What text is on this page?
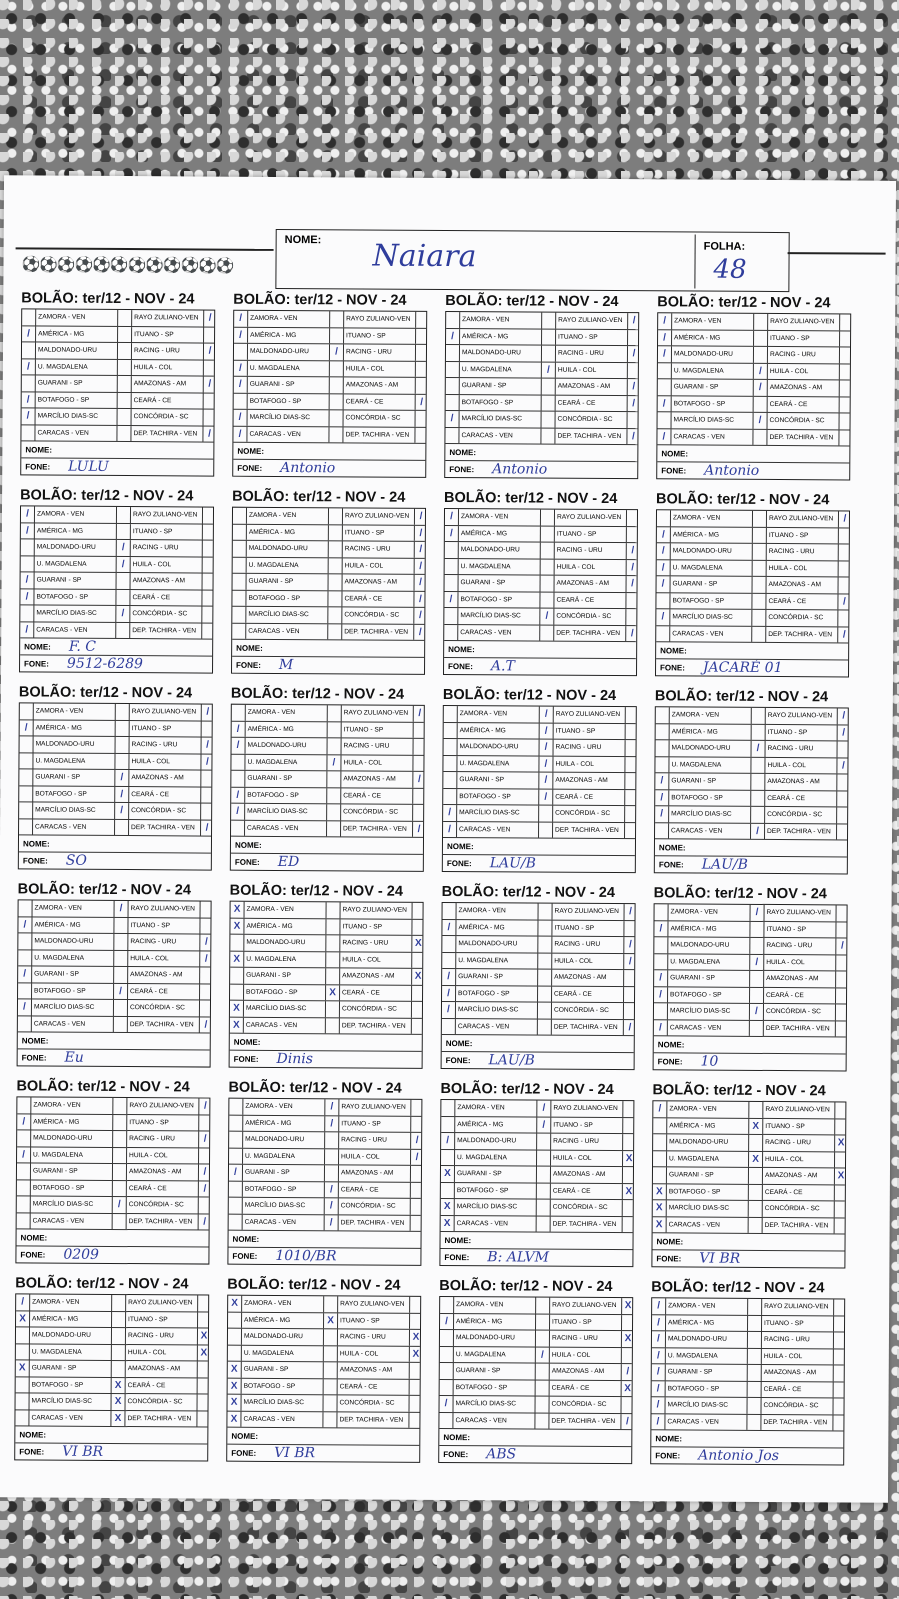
⚽⚽⚽⚽⚽⚽⚽⚽⚽⚽⚽⚽
NOME: Naiara	FOLHA:
48
BOLÃO: ter/12 - NOV - 24
ZAMORA - VEN	RAYO ZULIANO-VEN	/
/	AMÉRICA - MG	ITUANO - SP
MALDONADO-URU	RACING - URU	/
/	U. MAGDALENA	HUILA - COL
GUARANI - SP	AMAZONAS - AM	/
/	BOTAFOGO - SP	CEARÁ - CE
/	MARCÍLIO DIAS-SC	CONCÓRDIA - SC
CARACAS - VEN	DEP. TACHIRA - VEN	/
NOME:
FONE: LULU
BOLÃO: ter/12 - NOV - 24
/	ZAMORA - VEN	RAYO ZULIANO-VEN
/	AMÉRICA - MG	ITUANO - SP
MALDONADO-URU	/	RACING - URU
/	U. MAGDALENA	HUILA - COL
/	GUARANI - SP	AMAZONAS - AM
BOTAFOGO - SP	CEARÁ - CE	/
/	MARCÍLIO DIAS-SC	CONCÓRDIA - SC
/	CARACAS - VEN	DEP. TACHIRA - VEN
NOME:
FONE: Antonio
BOLÃO: ter/12 - NOV - 24
ZAMORA - VEN	RAYO ZULIANO-VEN	/
/	AMÉRICA - MG	ITUANO - SP
MALDONADO-URU	RACING - URU	/
U. MAGDALENA	/	HUILA - COL
GUARANI - SP	AMAZONAS - AM	/
BOTAFOGO - SP	CEARÁ - CE	/
/	MARCÍLIO DIAS-SC	CONCÓRDIA - SC
CARACAS - VEN	DEP. TACHIRA - VEN	/
NOME:
FONE: Antonio
BOLÃO: ter/12 - NOV - 24
/	ZAMORA - VEN	RAYO ZULIANO-VEN
/	AMÉRICA - MG	ITUANO - SP
/	MALDONADO-URU	RACING - URU
U. MAGDALENA	/	HUILA - COL
GUARANI - SP	/	AMAZONAS - AM
/	BOTAFOGO - SP	CEARÁ - CE
MARCÍLIO DIAS-SC	/	CONCÓRDIA - SC
/	CARACAS - VEN	DEP. TACHIRA - VEN
NOME:
FONE: Antonio
BOLÃO: ter/12 - NOV - 24
/	ZAMORA - VEN	RAYO ZULIANO-VEN
/	AMÉRICA - MG	ITUANO - SP
MALDONADO-URU	/	RACING - URU
U. MAGDALENA	/	HUILA - COL
/	GUARANI - SP	AMAZONAS - AM
/	BOTAFOGO - SP	CEARÁ - CE
MARCÍLIO DIAS-SC	/	CONCÓRDIA - SC
/	CARACAS - VEN	DEP. TACHIRA - VEN
NOME: F. C
FONE: 9512-6289
BOLÃO: ter/12 - NOV - 24
ZAMORA - VEN	RAYO ZULIANO-VEN	/
AMÉRICA - MG	ITUANO - SP	/
MALDONADO-URU	RACING - URU	/
U. MAGDALENA	HUILA - COL	/
GUARANI - SP	AMAZONAS - AM	/
BOTAFOGO - SP	CEARÁ - CE	/
MARCÍLIO DIAS-SC	CONCÓRDIA - SC	/
CARACAS - VEN	DEP. TACHIRA - VEN	/
NOME:
FONE: M
BOLÃO: ter/12 - NOV - 24
/	ZAMORA - VEN	RAYO ZULIANO-VEN
/	AMÉRICA - MG	ITUANO - SP
MALDONADO-URU	RACING - URU	/
U. MAGDALENA	HUILA - COL	/
GUARANI - SP	AMAZONAS - AM	/
/	BOTAFOGO - SP	CEARÁ - CE
MARCÍLIO DIAS-SC	/	CONCÓRDIA - SC
CARACAS - VEN	DEP. TACHIRA - VEN	/
NOME:
FONE: A.T
BOLÃO: ter/12 - NOV - 24
ZAMORA - VEN	RAYO ZULIANO-VEN	/
/	AMÉRICA - MG	ITUANO - SP
/	MALDONADO-URU	RACING - URU
/	U. MAGDALENA	HUILA - COL
/	GUARANI - SP	AMAZONAS - AM
BOTAFOGO - SP	CEARÁ - CE	/
/	MARCÍLIO DIAS-SC	CONCÓRDIA - SC
CARACAS - VEN	DEP. TACHIRA - VEN	/
NOME:
FONE: JACARÉ 01
BOLÃO: ter/12 - NOV - 24
ZAMORA - VEN	RAYO ZULIANO-VEN	/
/	AMÉRICA - MG	ITUANO - SP
MALDONADO-URU	RACING - URU	/
U. MAGDALENA	HUILA - COL	/
GUARANI - SP	/	AMAZONAS - AM
BOTAFOGO - SP	/	CEARÁ - CE
MARCÍLIO DIAS-SC	/	CONCÓRDIA - SC
CARACAS - VEN	DEP. TACHIRA - VEN	/
NOME:
FONE: SO
BOLÃO: ter/12 - NOV - 24
ZAMORA - VEN	RAYO ZULIANO-VEN	/
/	AMÉRICA - MG	ITUANO - SP
/	MALDONADO-URU	RACING - URU
U. MAGDALENA	/	HUILA - COL
GUARANI - SP	AMAZONAS - AM	/
/	BOTAFOGO - SP	CEARÁ - CE
/	MARCÍLIO DIAS-SC	CONCÓRDIA - SC
CARACAS - VEN	DEP. TACHIRA - VEN	/
NOME:
FONE: ED
BOLÃO: ter/12 - NOV - 24
ZAMORA - VEN	/	RAYO ZULIANO-VEN
AMÉRICA - MG	/	ITUANO - SP
MALDONADO-URU	/	RACING - URU
U. MAGDALENA	/	HUILA - COL
GUARANI - SP	/	AMAZONAS - AM
BOTAFOGO - SP	/	CEARÁ - CE
/	MARCÍLIO DIAS-SC	CONCÓRDIA - SC
/	CARACAS - VEN	DEP. TACHIRA - VEN
NOME:
FONE: LAU/B
BOLÃO: ter/12 - NOV - 24
ZAMORA - VEN	RAYO ZULIANO-VEN	/
AMÉRICA - MG	ITUANO - SP	/
MALDONADO-URU	/	RACING - URU
U. MAGDALENA	HUILA - COL	/
/	GUARANI - SP	AMAZONAS - AM
/	BOTAFOGO - SP	CEARÁ - CE
/	MARCÍLIO DIAS-SC	CONCÓRDIA - SC
CARACAS - VEN	/	DEP. TACHIRA - VEN
NOME:
FONE: LAU/B
BOLÃO: ter/12 - NOV - 24
ZAMORA - VEN	/	RAYO ZULIANO-VEN
/	AMÉRICA - MG	ITUANO - SP
MALDONADO-URU	RACING - URU	/
U. MAGDALENA	HUILA - COL	/
/	GUARANI - SP	AMAZONAS - AM
BOTAFOGO - SP	/	CEARÁ - CE
/	MARCÍLIO DIAS-SC	CONCÓRDIA - SC
CARACAS - VEN	DEP. TACHIRA - VEN	/
NOME:
FONE: Eu
BOLÃO: ter/12 - NOV - 24
X ZAMORA - VEN	RAYO ZULIANO-VEN
X AMÉRICA - MG	ITUANO - SP
MALDONADO-URU	RACING - URU	X
X U. MAGDALENA	HUILA - COL
GUARANI - SP	AMAZONAS - AM	X
BOTAFOGO - SP	X CEARÁ - CE
X MARCÍLIO DIAS-SC	CONCÓRDIA - SC
X CARACAS - VEN	DEP. TACHIRA - VEN
NOME:
FONE: Dinis
BOLÃO: ter/12 - NOV - 24
ZAMORA - VEN	RAYO ZULIANO-VEN	/
/	AMÉRICA - MG	ITUANO - SP
MALDONADO-URU	RACING - URU	/
U. MAGDALENA	HUILA - COL	/
/	GUARANI - SP	AMAZONAS - AM
/	BOTAFOGO - SP	CEARÁ - CE
/	MARCÍLIO DIAS-SC	CONCÓRDIA - SC
CARACAS - VEN	DEP. TACHIRA - VEN	/
NOME:
FONE: LAU/B
BOLÃO: ter/12 - NOV - 24
ZAMORA - VEN	/	RAYO ZULIANO-VEN
/	AMÉRICA - MG	ITUANO - SP
MALDONADO-URU	RACING - URU	/
U. MAGDALENA	/	HUILA - COL
/	GUARANI - SP	AMAZONAS - AM
/	BOTAFOGO - SP	CEARÁ - CE
MARCÍLIO DIAS-SC	/	CONCÓRDIA - SC
/	CARACAS - VEN	DEP. TACHIRA - VEN
NOME:
FONE: 10
BOLÃO: ter/12 - NOV - 24
ZAMORA - VEN	RAYO ZULIANO-VEN	/
/	AMÉRICA - MG	ITUANO - SP
MALDONADO-URU	RACING - URU	/
/	U. MAGDALENA	HUILA - COL
GUARANI - SP	AMAZONAS - AM	/
BOTAFOGO - SP	CEARÁ - CE	/
MARCÍLIO DIAS-SC	/	CONCÓRDIA - SC
CARACAS - VEN	DEP. TACHIRA - VEN	/
NOME:
FONE: 0209
BOLÃO: ter/12 - NOV - 24
ZAMORA - VEN	/	RAYO ZULIANO-VEN
AMÉRICA - MG	/	ITUANO - SP
MALDONADO-URU	RACING - URU	/
U. MAGDALENA	HUILA - COL	/
/	GUARANI - SP	AMAZONAS - AM
BOTAFOGO - SP	/	CEARÁ - CE
MARCÍLIO DIAS-SC	/	CONCÓRDIA - SC
CARACAS - VEN	/	DEP. TACHIRA - VEN
NOME:
FONE: 1010/BR
BOLÃO: ter/12 - NOV - 24
ZAMORA - VEN	/	RAYO ZULIANO-VEN
AMÉRICA - MG	/	ITUANO - SP
/	MALDONADO-URU	RACING - URU
U. MAGDALENA	HUILA - COL	X
X GUARANI - SP	AMAZONAS - AM
BOTAFOGO - SP	CEARÁ - CE	X
X MARCÍLIO DIAS-SC	CONCÓRDIA - SC
X CARACAS - VEN	DEP. TACHIRA - VEN
NOME:
FONE: B: ALVM
BOLÃO: ter/12 - NOV - 24
/	ZAMORA - VEN	RAYO ZULIANO-VEN
AMÉRICA - MG	X ITUANO - SP
MALDONADO-URU	RACING - URU	X
U. MAGDALENA	X HUILA - COL
GUARANI - SP	AMAZONAS - AM	X
X BOTAFOGO - SP	CEARÁ - CE
X MARCÍLIO DIAS-SC	CONCÓRDIA - SC
X CARACAS - VEN	DEP. TACHIRA - VEN
NOME:
FONE: VI BR
BOLÃO: ter/12 - NOV - 24
/	ZAMORA - VEN	RAYO ZULIANO-VEN
X AMÉRICA - MG	ITUANO - SP
MALDONADO-URU	RACING - URU	X
U. MAGDALENA	HUILA - COL	X
X GUARANI - SP	AMAZONAS - AM
BOTAFOGO - SP	X CEARÁ - CE
MARCÍLIO DIAS-SC	X CONCÓRDIA - SC
CARACAS - VEN	X DEP. TACHIRA - VEN
NOME:
FONE: VI BR
BOLÃO: ter/12 - NOV - 24
X ZAMORA - VEN	RAYO ZULIANO-VEN
AMÉRICA - MG	X ITUANO - SP
MALDONADO-URU	RACING - URU	X
U. MAGDALENA	HUILA - COL	X
X GUARANI - SP	AMAZONAS - AM
X BOTAFOGO - SP	CEARÁ - CE
X MARCÍLIO DIAS-SC	CONCÓRDIA - SC
X CARACAS - VEN	DEP. TACHIRA - VEN
NOME:
FONE: VI BR
BOLÃO: ter/12 - NOV - 24
ZAMORA - VEN	RAYO ZULIANO-VEN X
/	AMÉRICA - MG	ITUANO - SP
MALDONADO-URU	RACING - URU	X
U. MAGDALENA	/	HUILA - COL
GUARANI - SP	AMAZONAS - AM	/
BOTAFOGO - SP	CEARÁ - CE	X
/	MARCÍLIO DIAS-SC	CONCÓRDIA - SC
CARACAS - VEN	DEP. TACHIRA - VEN	/
NOME:
FONE: ABS
BOLÃO: ter/12 - NOV - 24
/	ZAMORA - VEN	RAYO ZULIANO-VEN
/	AMÉRICA - MG	ITUANO - SP
/	MALDONADO-URU	RACING - URU
/	U. MAGDALENA	HUILA - COL
/	GUARANI - SP	AMAZONAS - AM
/	BOTAFOGO - SP	CEARÁ - CE
/	MARCÍLIO DIAS-SC	CONCÓRDIA - SC
/	CARACAS - VEN	DEP. TACHIRA - VEN
NOME:
FONE: Antonio Jos
